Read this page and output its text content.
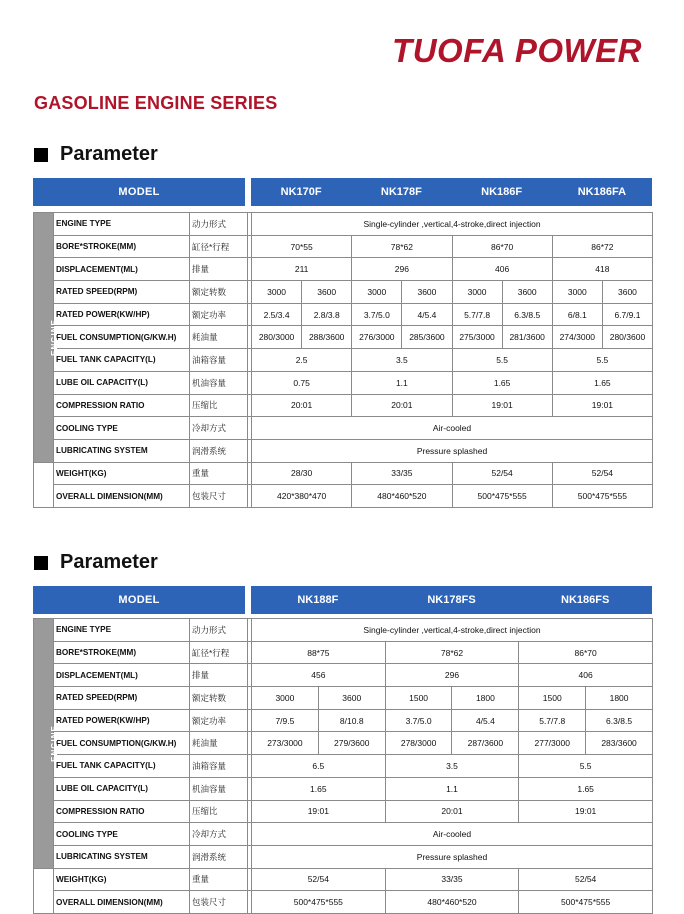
TUOFA POWER
GASOLINE ENGINE SERIES
Parameter
MODEL	NK170F	NK178F	NK186F	NK186FA
ENGINE	ENGINE TYPE	动力形式		Single-cylinder ,vertical,4-stroke,direct injection							
	BORE*STROKE(MM)	缸径*行程		70*55		78*62		86*70		86*72	
	DISPLACEMENT(ML)	排量		211		296		406		418	
	RATED SPEED(RPM)	额定转数		3000	3600	3000	3600	3000	3600	3000	3600
	RATED POWER(KW/HP)	额定功率		2.5/3.4	2.8/3.8	3.7/5.0	4/5.4	5.7/7.8	6.3/8.5	6/8.1	6.7/9.1
	FUEL CONSUMPTION(G/KW.H)	耗油量		280/3000	288/3600	276/3000	285/3600	275/3000	281/3600	274/3000	280/3600
	FUEL TANK CAPACITY(L)	油箱容量		2.5		3.5		5.5		5.5	
	LUBE OIL CAPACITY(L)	机油容量		0.75		1.1		1.65		1.65	
	COMPRESSION RATIO	压缩比		20:01		20:01		19:01		19:01	
	COOLING TYPE	冷却方式		Air-cooled							
	LUBRICATING SYSTEM	润滑系统		Pressure splashed							
	WEIGHT(KG)	重量		28/30		33/35		52/54		52/54	
	OVERALL DIMENSION(MM)	包装尺寸		420*380*470		480*460*520		500*475*555		500*475*555	
Parameter
MODEL	NK188F	NK178FS	NK186FS
ENGINE	ENGINE TYPE	动力形式		Single-cylinder ,vertical,4-stroke,direct injection					
	BORE*STROKE(MM)	缸径*行程		88*75		78*62		86*70	
	DISPLACEMENT(ML)	排量		456		296		406	
	RATED SPEED(RPM)	额定转数		3000	3600	1500	1800	1500	1800
	RATED POWER(KW/HP)	额定功率		7/9.5	8/10.8	3.7/5.0	4/5.4	5.7/7.8	6.3/8.5
	FUEL CONSUMPTION(G/KW.H)	耗油量		273/3000	279/3600	278/3000	287/3600	277/3000	283/3600
	FUEL TANK CAPACITY(L)	油箱容量		6.5		3.5		5.5	
	LUBE OIL CAPACITY(L)	机油容量		1.65		1.1		1.65	
	COMPRESSION RATIO	压缩比		19:01		20:01		19:01	
	COOLING TYPE	冷却方式		Air-cooled					
	LUBRICATING SYSTEM	润滑系统		Pressure splashed					
	WEIGHT(KG)	重量		52/54		33/35		52/54	
	OVERALL DIMENSION(MM)	包装尺寸		500*475*555		480*460*520		500*475*555	
